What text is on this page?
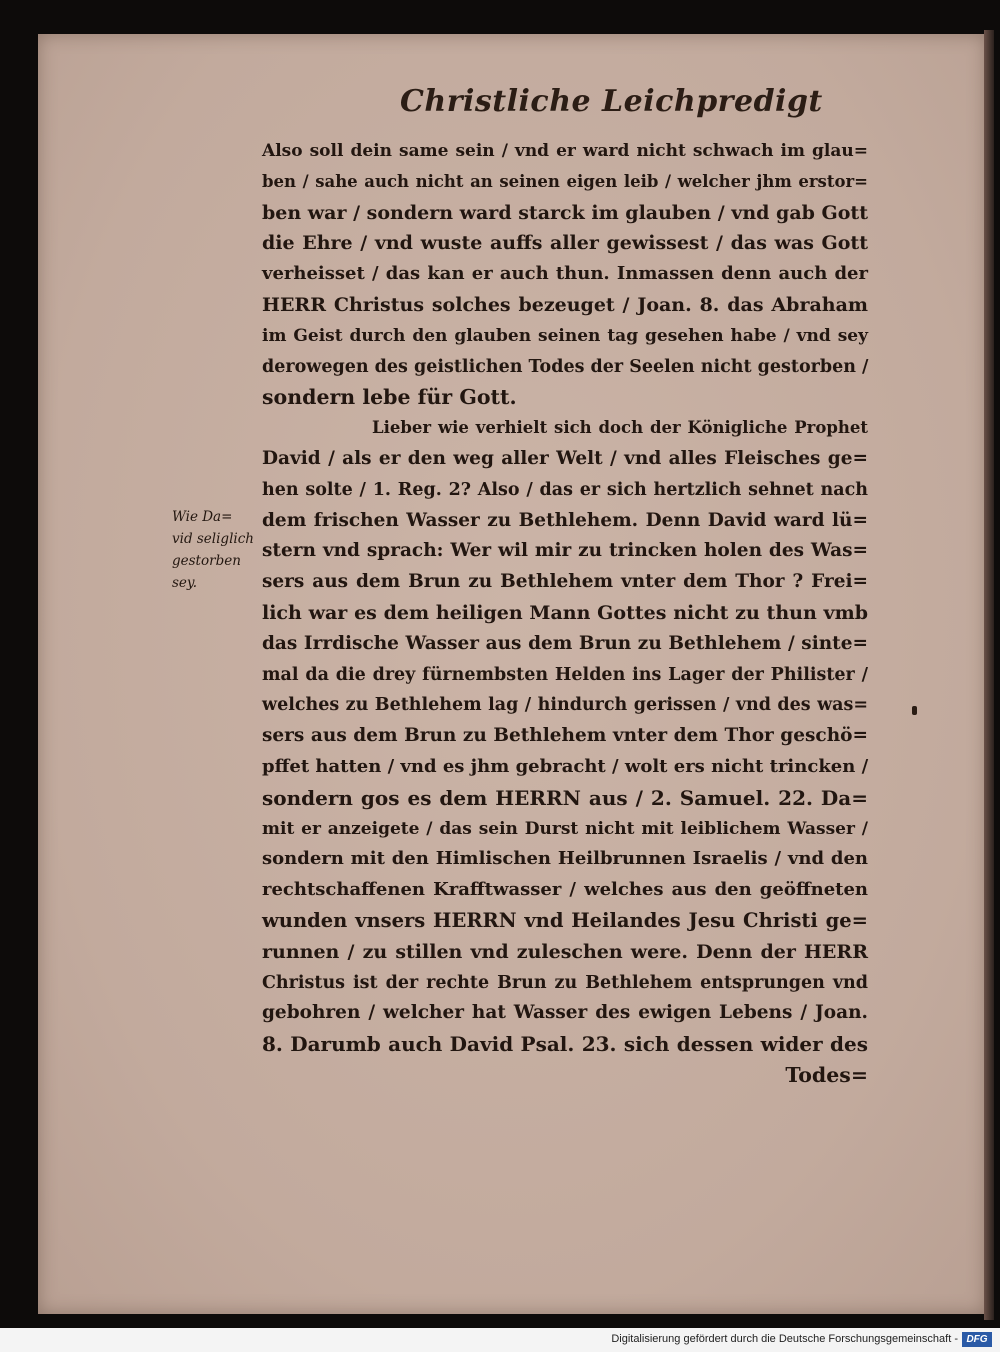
Christliche Leichpredigt
Wie Da=
vid seliglich
gestorben
sey.
Also soll dein same sein / vnd er ward nicht schwach im glau=
ben / sahe auch nicht an seinen eigen leib / welcher jhm erstor=
ben war / sondern ward starck im glauben / vnd gab Gott
die Ehre / vnd wuste auffs aller gewissest / das was Gott
verheisset / das kan er auch thun. Inmassen denn auch der
HERR Christus solches bezeuget / Joan. 8. das Abraham
im Geist durch den glauben seinen tag gesehen habe / vnd sey
derowegen des geistlichen Todes der Seelen nicht gestorben /
sondern lebe für Gott.
Lieber wie verhielt sich doch der Königliche Prophet
David / als er den weg aller Welt / vnd alles Fleisches ge=
hen solte / 1. Reg. 2? Also / das er sich hertzlich sehnet nach
dem frischen Wasser zu Bethlehem. Denn David ward lü=
stern vnd sprach: Wer wil mir zu trincken holen des Was=
sers aus dem Brun zu Bethlehem vnter dem Thor ? Frei=
lich war es dem heiligen Mann Gottes nicht zu thun vmb
das Irrdische Wasser aus dem Brun zu Bethlehem / sinte=
mal da die drey fürnembsten Helden ins Lager der Philister /
welches zu Bethlehem lag / hindurch gerissen / vnd des was=
sers aus dem Brun zu Bethlehem vnter dem Thor geschö=
pffet hatten / vnd es jhm gebracht / wolt ers nicht trincken /
sondern gos es dem HERRN aus / 2. Samuel. 22. Da=
mit er anzeigete / das sein Durst nicht mit leiblichem Wasser /
sondern mit den Himlischen Heilbrunnen Israelis / vnd den
rechtschaffenen Krafftwasser / welches aus den geöffneten
wunden vnsers HERRN vnd Heilandes Jesu Christi ge=
runnen / zu stillen vnd zuleschen were. Denn der HERR
Christus ist der rechte Brun zu Bethlehem entsprungen vnd
gebohren / welcher hat Wasser des ewigen Lebens / Joan.
8. Darumb auch David Psal. 23. sich dessen wider des
Todes=
Digitalisierung gefördert durch die Deutsche Forschungsgemeinschaft - DFG
